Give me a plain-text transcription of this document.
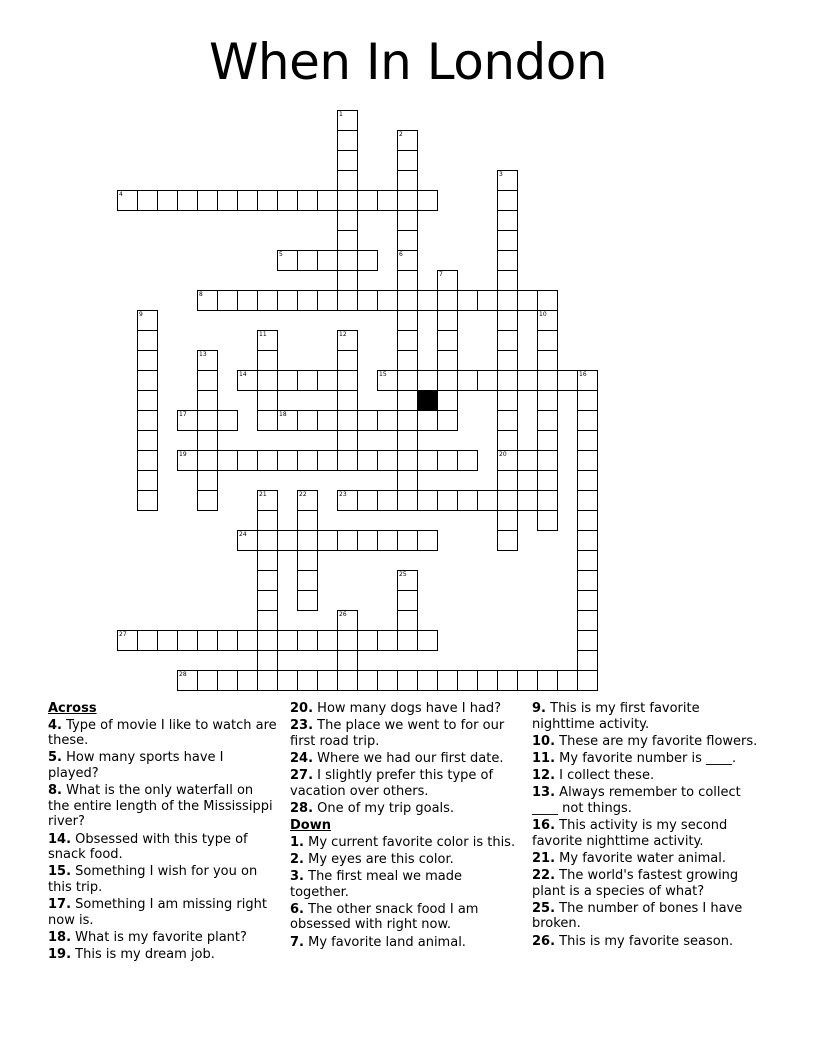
When In London
4
5
8
14	15	16
17	18
19	20
23
24
27
28
1
2
3
6
7
9	10
11	12
13
21	22
25
26
Across
4. Type of movie I like to watch are these.
5. How many sports have I played?
8. What is the only waterfall on the entire length of the Mississippi river?
14. Obsessed with this type of snack food.
15. Something I wish for you on this trip.
17. Something I am missing right now is.
18. What is my favorite plant?
19. This is my dream job.
20. How many dogs have I had?
23. The place we went to for our first road trip.
24. Where we had our first date.
27. I slightly prefer this type of vacation over others.
28. One of my trip goals.
Down
1. My current favorite color is this.
2. My eyes are this color.
3. The first meal we made together.
6. The other snack food I am obsessed with right now.
7. My favorite land animal.
9. This is my first favorite nighttime activity.
10. These are my favorite flowers.
11. My favorite number is ____.
12. I collect these.
13. Always remember to collect ____ not things.
16. This activity is my second favorite nighttime activity.
21. My favorite water animal.
22. The world's fastest growing plant is a species of what?
25. The number of bones I have broken.
26. This is my favorite season.
